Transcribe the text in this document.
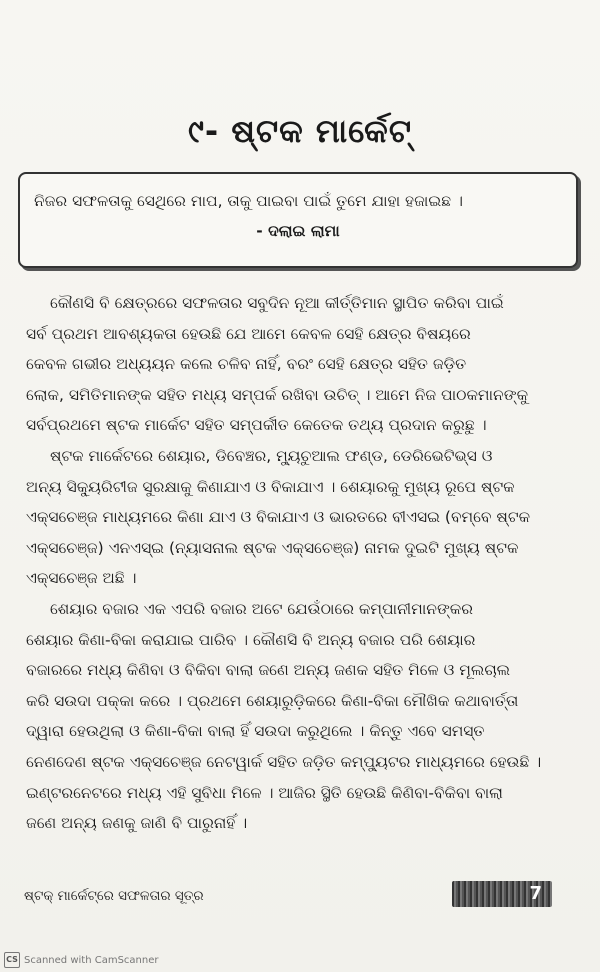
୯- ଷ୍ଟକ ମାର୍କେଟ୍
ନିଜର ସଫଳତାକୁ ସେଥିରେ ମାପ, ତାକୁ ପାଇବା ପାଇଁ ତୁମେ ଯାହା ହଜାଇଛ ।
- ଦଲାଇ ଲାମା

କୌଣସି ବି କ୍ଷେତ୍ରରେ ସଫଳତାର ସବୁଦିନ ନୂଆ କୀର୍ତ୍ତିମାନ ସ୍ଥାପିତ କରିବା ପାଇଁ
ସର୍ବ ପ୍ରଥମ ଆବଶ୍ୟକତା ହେଉଛି ଯେ ଆମେ କେବଳ ସେହି କ୍ଷେତ୍ର ବିଷୟରେ
କେବଳ ଗଭୀର ଅଧ୍ୟୟନ କଲେ ଚଳିବ ନାହିଁ, ବରଂ ସେହି କ୍ଷେତ୍ର ସହିତ ଜଡ଼ିତ
ଲୋକ, ସମିତିମାନଙ୍କ ସହିତ ମଧ୍ୟ ସମ୍ପର୍କ ରଖିବା ଉଚିତ୍ । ଆମେ ନିଜ ପାଠକମାନଙ୍କୁ
ସର୍ବପ୍ରଥମେ ଷ୍ଟକ ମାର୍କେଟ ସହିତ ସମ୍ପର୍କୀତ କେତେକ ତଥ୍ୟ ପ୍ରଦାନ କରୁଛୁ ।

ଷ୍ଟକ ମାର୍କେଟରେ ଶେୟାର, ଡିବେଞ୍ଚର, ମ୍ୟୁଚୁଆଲ ଫଣ୍ଡ, ଡେରିଭେଟିଭ୍ସ ଓ
ଅନ୍ୟ ସିକ୍ୟୁରିଟୀଜ ସୁରକ୍ଷାକୁ କିଣାଯାଏ ଓ ବିକାଯାଏ । ଶେୟାରକୁ ମୁଖ୍ୟ ରୂପେ ଷ୍ଟକ
ଏକ୍ସଚେଞ୍ଜ ମାଧ୍ୟମରେ କିଣା ଯାଏ ଓ ବିକାଯାଏ ଓ ଭାରତରେ ବୀଏସଇ (ବମ୍ବେ ଷ୍ଟକ
ଏକ୍ସଚେଞ୍ଜ) ଏନଏସ୍ଇ (ନ୍ୟାସନାଲ ଷ୍ଟକ ଏକ୍ସଚେଞ୍ଜ) ନାମକ ଦୁଇଟି ମୁଖ୍ୟ ଷ୍ଟକ
ଏକ୍ସଚେଞ୍ଜ ଅଛି ।

ଶେୟାର ବଜାର ଏକ ଏପରି ବଜାର ଅଟେ ଯେଉଁଠାରେ କମ୍ପାନୀମାନଙ୍କର
ଶେୟାର କିଣା-ବିକା କରାଯାଇ ପାରିବ । କୌଣସି ବି ଅନ୍ୟ ବଜାର ପରି ଶେୟାର
ବଜାରରେ ମଧ୍ୟ କିଣିବା ଓ ବିକିବା ବାଲା ଜଣେ ଅନ୍ୟ ଜଣକ ସହିତ ମିଳେ ଓ ମୂଲଚାଲ
କରି ସଉଦା ପକ୍କା କରେ । ପ୍ରଥମେ ଶେୟାରୁଡ଼ିକରେ କିଣା-ବିକା ମୌଖିକ କଥାବାର୍ତ୍ତା
ଦ୍ୱାରା ହେଉଥିଲା ଓ କିଣା-ବିକା ବାଲା ହିଁ ସଉଦା କରୁଥିଲେ । କିନ୍ତୁ ଏବେ ସମସ୍ତ
ନେଣଦେଣ ଷ୍ଟକ ଏକ୍ସଚେଞ୍ଜ ନେଟୱାର୍କ ସହିତ ଜଡ଼ିତ କମ୍ପ୍ୟୁଟର ମାଧ୍ୟମରେ ହେଉଛି ।
ଇଣ୍ଟରନେଟରେ ମଧ୍ୟ ଏହି ସୁବିଧା ମିଳେ । ଆଜିର ସ୍ଥିତି ହେଉଛି କିଣିବା-ବିକିବା ବାଲା
ଜଣେ ଅନ୍ୟ ଜଣକୁ ଜାଣି ବି ପାରୁନାହିଁ ।

ଷ୍ଟକ୍ ମାର୍କେଟ୍ରେ ସଫଳତାର ସୂତ୍ର	7
CS Scanned with CamScanner
